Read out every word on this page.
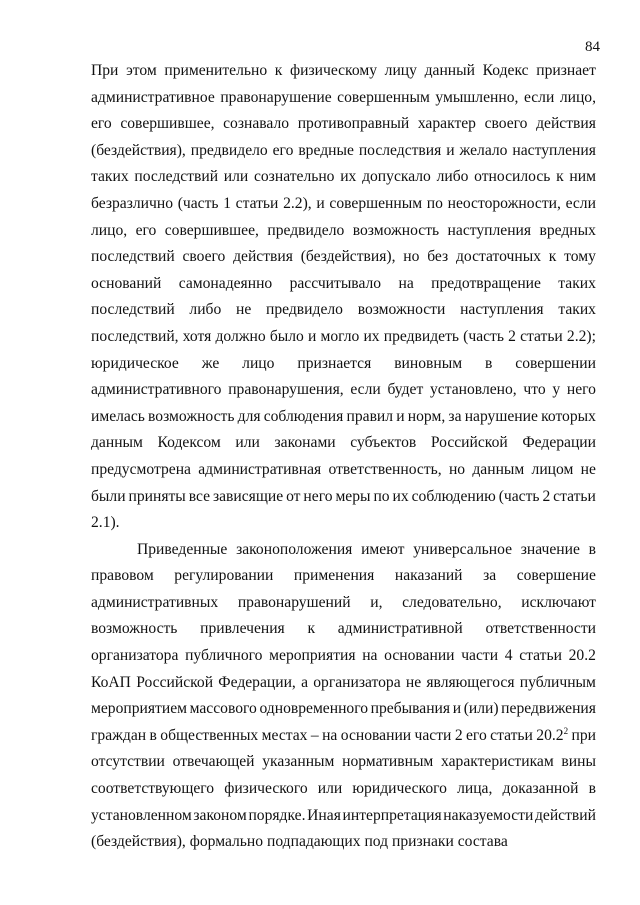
84
При этом применительно к физическому лицу данный Кодекс признает
административное правонарушение совершенным умышленно, если лицо,
его совершившее, сознавало противоправный характер своего действия
(бездействия), предвидело его вредные последствия и желало наступления
таких последствий или сознательно их допускало либо относилось к ним
безразлично (часть 1 статьи 2.2), и совершенным по неосторожности, если
лицо, его совершившее, предвидело возможность наступления вредных
последствий своего действия (бездействия), но без достаточных к тому
оснований самонадеянно рассчитывало на предотвращение таких
последствий либо не предвидело возможности наступления таких
последствий, хотя должно было и могло их предвидеть (часть 2 статьи 2.2);
юридическое же лицо признается виновным в совершении
административного правонарушения, если будет установлено, что у него
имелась возможность для соблюдения правил и норм, за нарушение которых
данным Кодексом или законами субъектов Российской Федерации
предусмотрена административная ответственность, но данным лицом не
были приняты все зависящие от него меры по их соблюдению (часть 2 статьи
2.1).
Приведенные законоположения имеют универсальное значение в
правовом регулировании применения наказаний за совершение
административных правонарушений и, следовательно, исключают
возможность привлечения к административной ответственности
организатора публичного мероприятия на основании части 4 статьи 20.2
КоАП Российской Федерации, а организатора не являющегося публичным
мероприятием массового одновременного пребывания и (или) передвижения
граждан в общественных местах – на основании части 2 его статьи 20.2$^2$ при
отсутствии отвечающей указанным нормативным характеристикам вины
соответствующего физического или юридического лица, доказанной в
установленном законом порядке. Иная интерпретация наказуемости действий
(бездействия),
формально
подпадающих
под
признаки
состава
